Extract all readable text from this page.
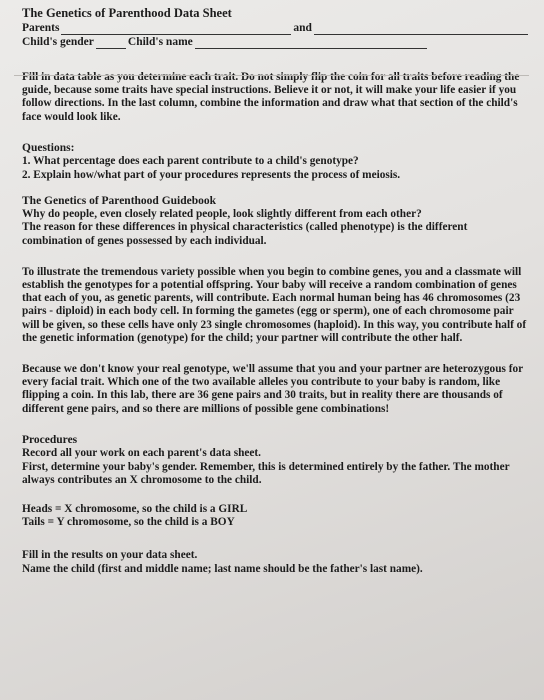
The Genetics of Parenthood Data Sheet

Parents	and
Child's gender	Child's name

Fill in data table as you determine each trait. Do not simply flip the coin for all traits before reading the guide, because some traits have special instructions. Believe it or not, it will make your life easier if you follow directions. In the last column, combine the information and draw what that section of the child's face would look like.

Questions:

1. What percentage does each parent contribute to a child's genotype?
2. Explain how/what part of your procedures represents the process of meiosis.

The Genetics of Parenthood Guidebook

Why do people, even closely related people, look slightly different from each other?

The reason for these differences in physical characteristics (called phenotype) is the different combination of genes possessed by each individual.

To illustrate the tremendous variety possible when you begin to combine genes, you and a classmate will establish the genotypes for a potential offspring. Your baby will receive a random combination of genes that each of you, as genetic parents, will contribute. Each normal human being has 46 chromosomes (23 pairs - diploid) in each body cell. In forming the gametes (egg or sperm), one of each chromosome pair will be given, so these cells have only 23 single chromosomes (haploid). In this way, you contribute half of the genetic information (genotype) for the child; your partner will contribute the other half.

Because we don't know your real genotype, we'll assume that you and your partner are heterozygous for every facial trait. Which one of the two available alleles you contribute to your baby is random, like flipping a coin. In this lab, there are 36 gene pairs and 30 traits, but in reality there are thousands of different gene pairs, and so there are millions of possible gene combinations!

Procedures

Record all your work on each parent's data sheet.

First, determine your baby's gender. Remember, this is determined entirely by the father. The mother always contributes an X chromosome to the child.

Heads = X chromosome, so the child is a GIRL

Tails = Y chromosome, so the child is a BOY

Fill in the results on your data sheet.

Name the child (first and middle name; last name should be the father's last name).
